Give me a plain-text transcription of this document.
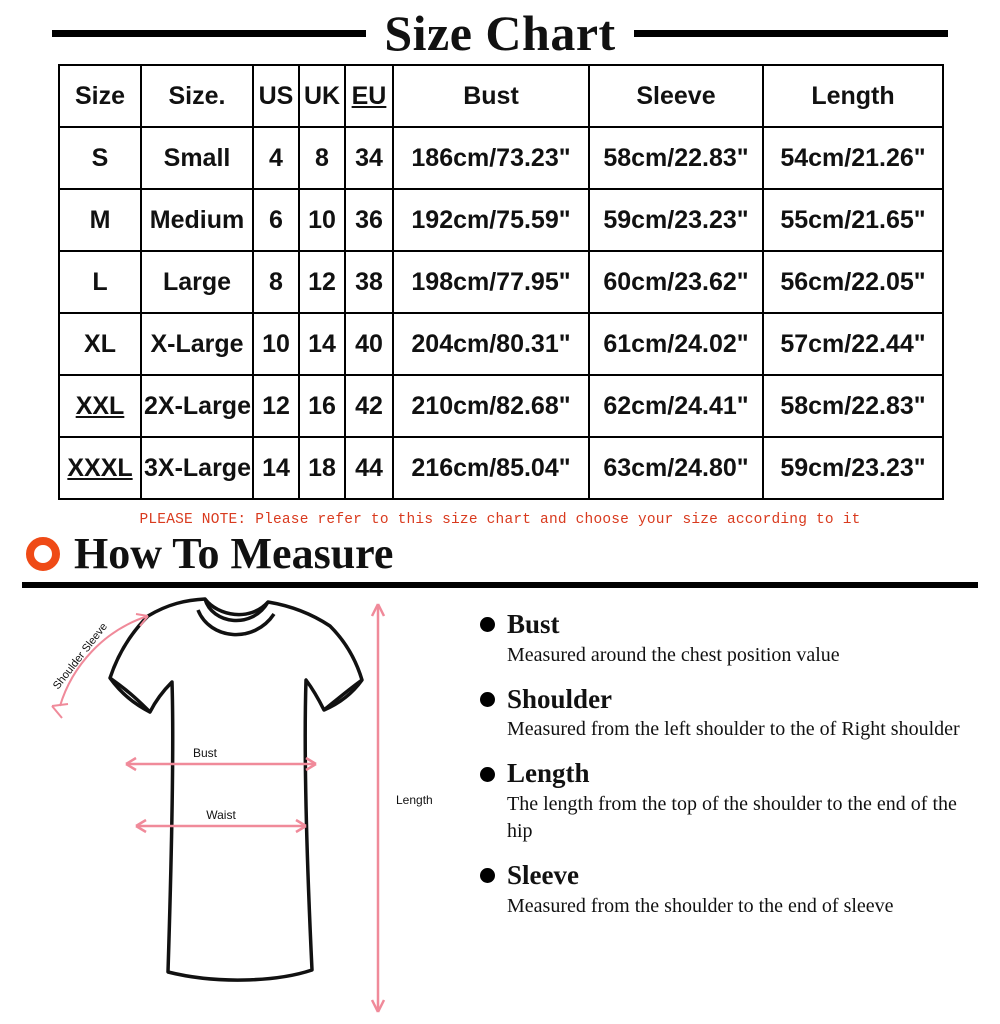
Size Chart
Size	Size.	US	UK	EU	Bust	Sleeve	Length
S	Small	4	8	34	186cm/73.23"	58cm/22.83"	54cm/21.26"
M	Medium	6	10	36	192cm/75.59"	59cm/23.23"	55cm/21.65"
L	Large	8	12	38	198cm/77.95"	60cm/23.62"	56cm/22.05"
XL	X-Large	10	14	40	204cm/80.31"	61cm/24.02"	57cm/22.44"
XXL	2X-Large	12	16	42	210cm/82.68"	62cm/24.41"	58cm/22.83"
XXXL	3X-Large	14	18	44	216cm/85.04"	63cm/24.80"	59cm/23.23"
PLEASE NOTE: Please refer to this size chart and choose your size according to it
How To Measure
Shoulder Sleeve
Bust
Waist
Length
Bust
Measured around the chest position value
Shoulder
Measured from the left shoulder to the of Right shoulder
Length
The length from the top of the shoulder to the end of the hip
Sleeve
Measured from the shoulder to the end of sleeve
